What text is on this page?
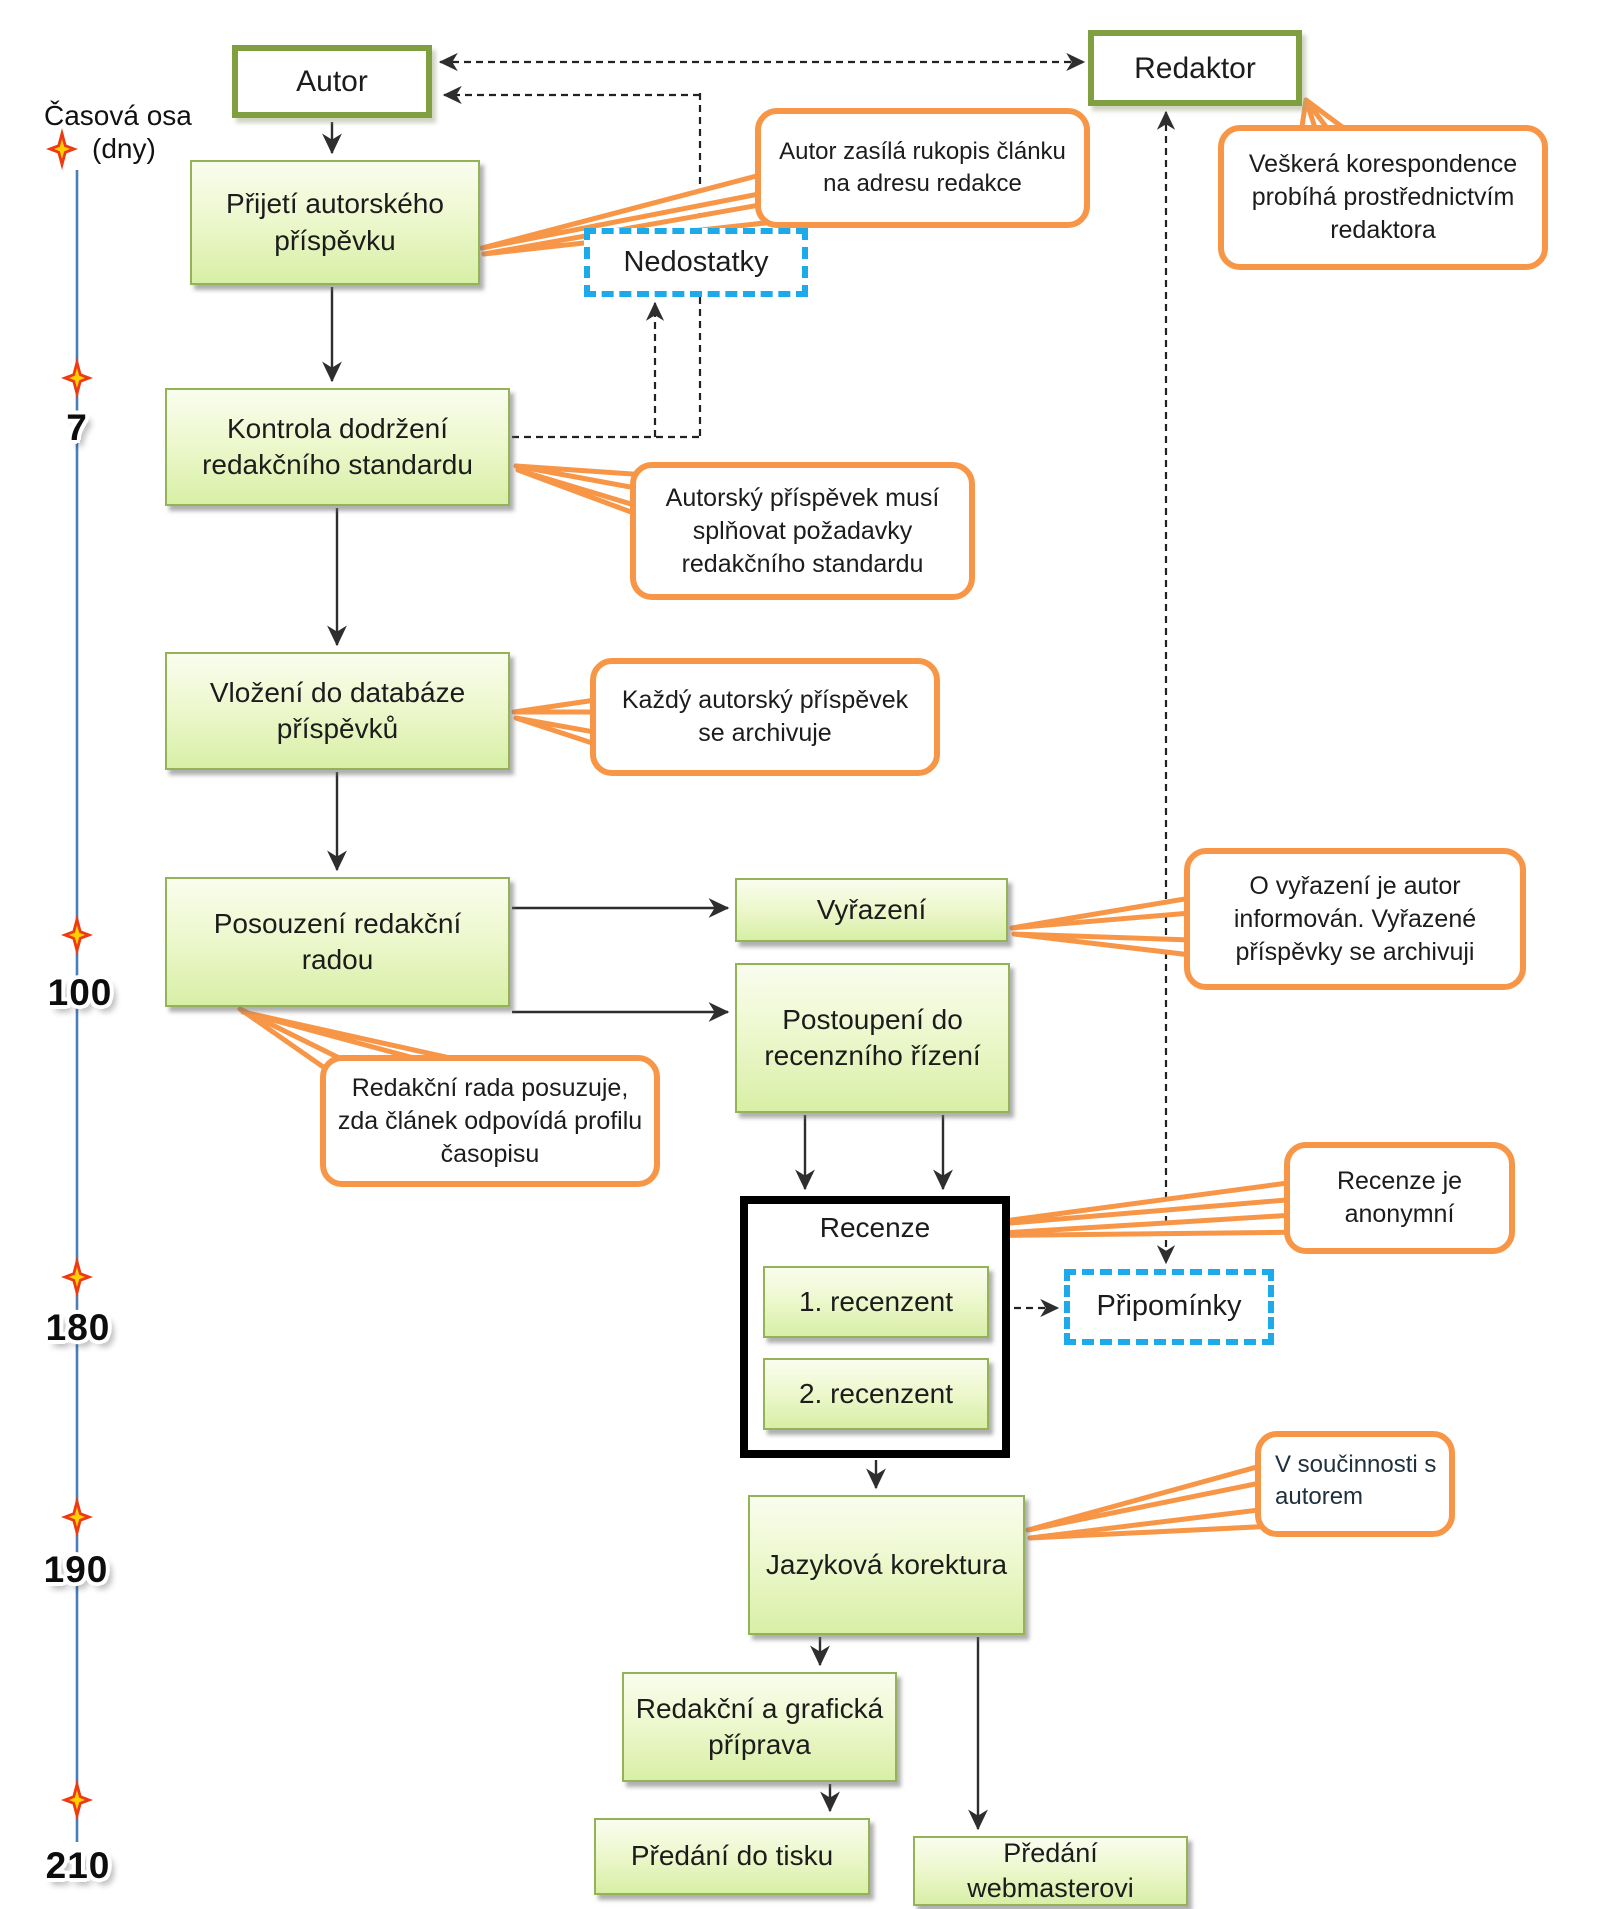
Časová osa
(dny)
7
100
180
190
210
Autor	Redaktor
Přijetí autorského příspěvku
Nedostatky
Kontrola dodržení redakčního standardu
Vložení do databáze příspěvků
Posouzení redakční radou
Vyřazení
Postoupení do recenzního řízení
Recenze
1. recenzent
2. recenzent
Připomínky
Jazyková korektura
Redakční a grafická příprava
Předání do tisku	Předání webmasterovi
Autor zasílá rukopis článku na adresu redakce
Veškerá korespondence probíhá prostřednictvím redaktora
Autorský příspěvek musí splňovat požadavky redakčního standardu
Každý autorský příspěvek se archivuje
O vyřazení je autor informován. Vyřazené příspěvky se archivuji
Redakční rada posuzuje, zda článek odpovídá profilu časopisu
Recenze je anonymní
V součinnosti s autorem
